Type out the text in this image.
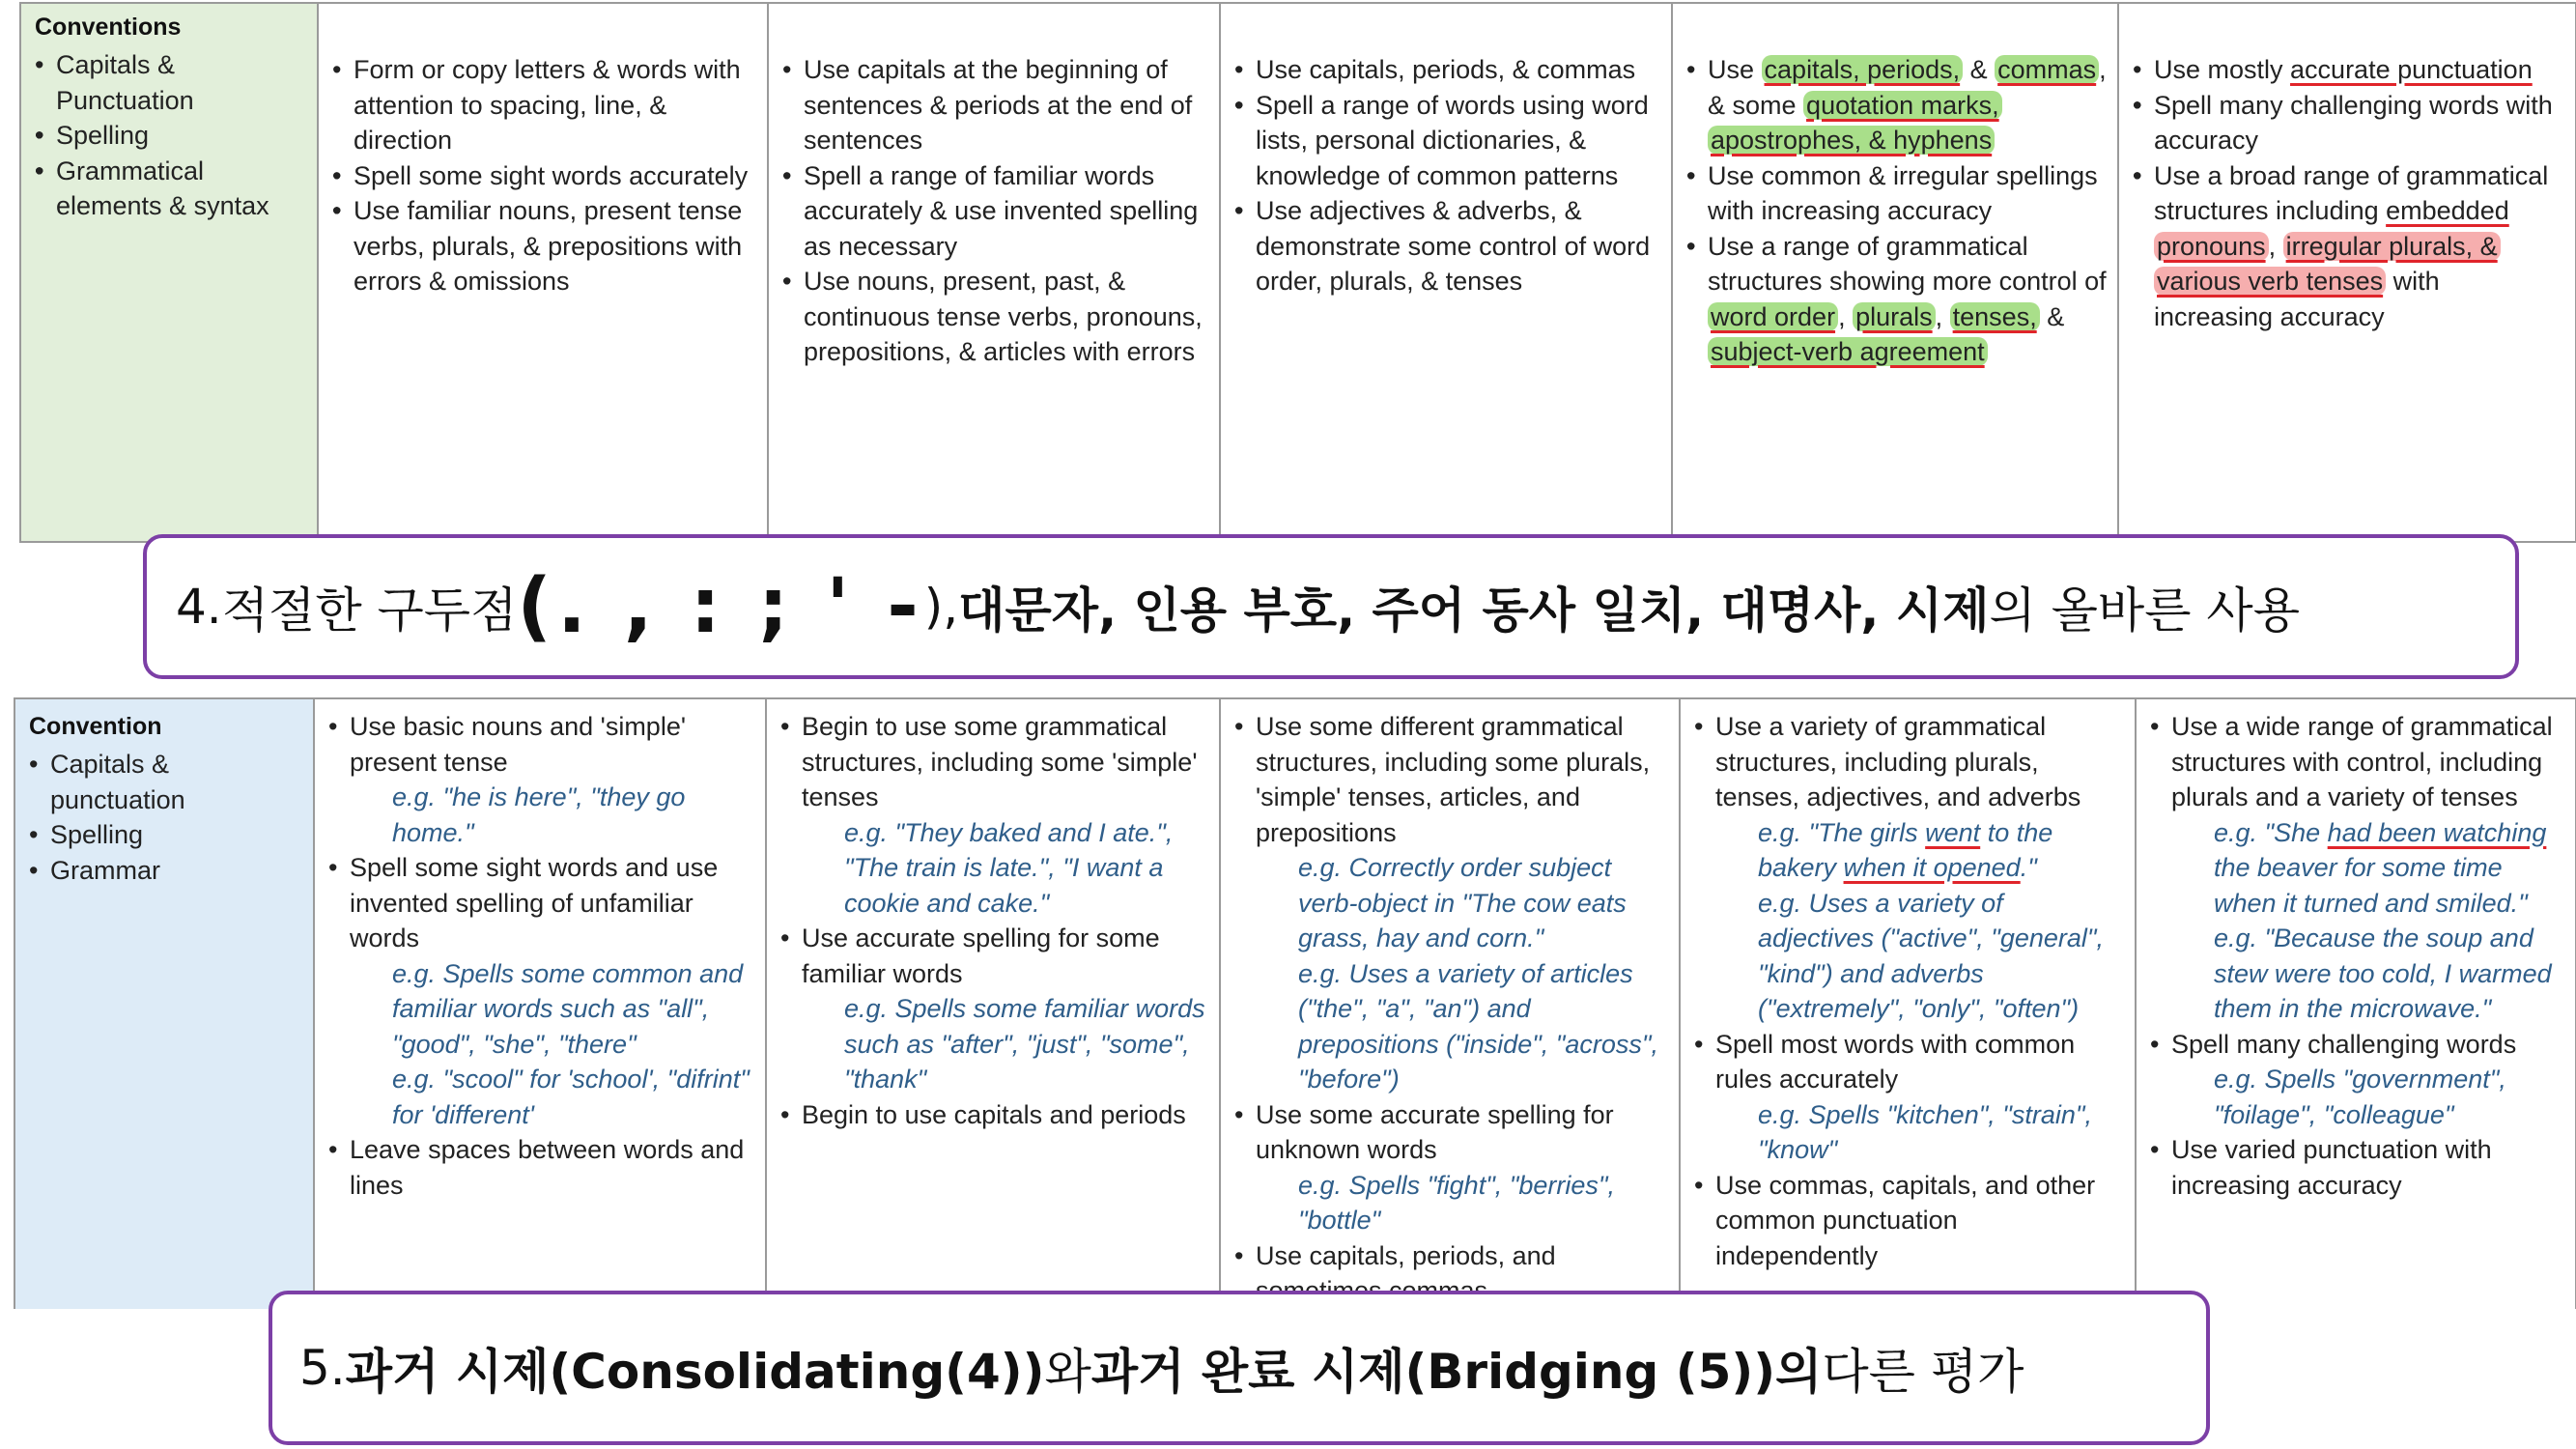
Conventions
• Capitals & Punctuation
• Spelling
• Grammatical elements & syntax

• Form or copy letters & words with attention to spacing, line, & direction
• Spell some sight words accurately
• Use familiar nouns, present tense verbs, plurals, & prepositions with errors & omissions

• Use capitals at the beginning of sentences & periods at the end of sentences
• Spell a range of familiar words accurately & use invented spelling as necessary
• Use nouns, present, past, & continuous tense verbs, pronouns, prepositions, & articles with errors

• Use capitals, periods, & commas
• Spell a range of words using word lists, personal dictionaries, & knowledge of common patterns
• Use adjectives & adverbs, & demonstrate some control of word order, plurals, & tenses

• Use capitals, periods, & commas , & some quotation marks, apostrophes, & hyphens
• Use common & irregular spellings with increasing accuracy
• Use a range of grammatical structures showing more control of word order , plurals , tenses, & subject-verb agreement

• Use mostly accurate punctuation
• Spell many challenging words with accuracy
• Use a broad range of grammatical structures including embedded pronouns , irregular plurals, & various verb tenses with increasing accuracy
4. 적절한 구두점 ( . , : ; ' - ), 대문자, 인용 부호, 주어 동사 일치, 대명사, 시제 의 올바른 사용
Convention
• Capitals & punctuation
• Spelling
• Grammar

• Use basic nouns and 'simple' present tense
e.g. "he is here", "they go home."
• Spell some sight words and use invented spelling of unfamiliar words
e.g. Spells some common and familiar words such as "all", "good", "she", "there"
e.g. "scool" for 'school', "difrint" for 'different'
• Leave spaces between words and lines

• Begin to use some grammatical structures, including some 'simple' tenses
e.g. "They baked and I ate.", "The train is late.", "I want a cookie and cake."
• Use accurate spelling for some familiar words
e.g. Spells some familiar words such as "after", "just", "some", "thank"
• Begin to use capitals and periods

• Use some different grammatical structures, including some plurals, 'simple' tenses, articles, and prepositions
e.g. Correctly order subject verb-object in "The cow eats grass, hay and corn."
e.g. Uses a variety of articles ("the", "a", "an") and prepositions ("inside", "across", "before")
• Use some accurate spelling for unknown words
e.g. Spells "fight", "berries", "bottle"
• Use capitals, periods, and

• Use a variety of grammatical structures, including plurals, tenses, adjectives, and adverbs
e.g. "The girls went to the bakery when it opened."
e.g. Uses a variety of adjectives ("active", "general", "kind") and adverbs ("extremely", "only", "often")
• Spell most words with common rules accurately
e.g. Spells "kitchen", "strain", "know"
• Use commas, capitals, and other common punctuation independently

• Use a wide range of grammatical structures with control, including plurals and a variety of tenses
e.g. "She had been watching the beaver for some time when it turned and smiled."
e.g. "Because the soup and stew were too cold, I warmed them in the microwave."
• Spell many challenging words
e.g. Spells "government", "foilage", "colleague"
• Use varied punctuation with increasing accuracy
5. 과거 시제(Consolidating(4)) 와 과거 완료 시제(Bridging (5))의 다른 평가
